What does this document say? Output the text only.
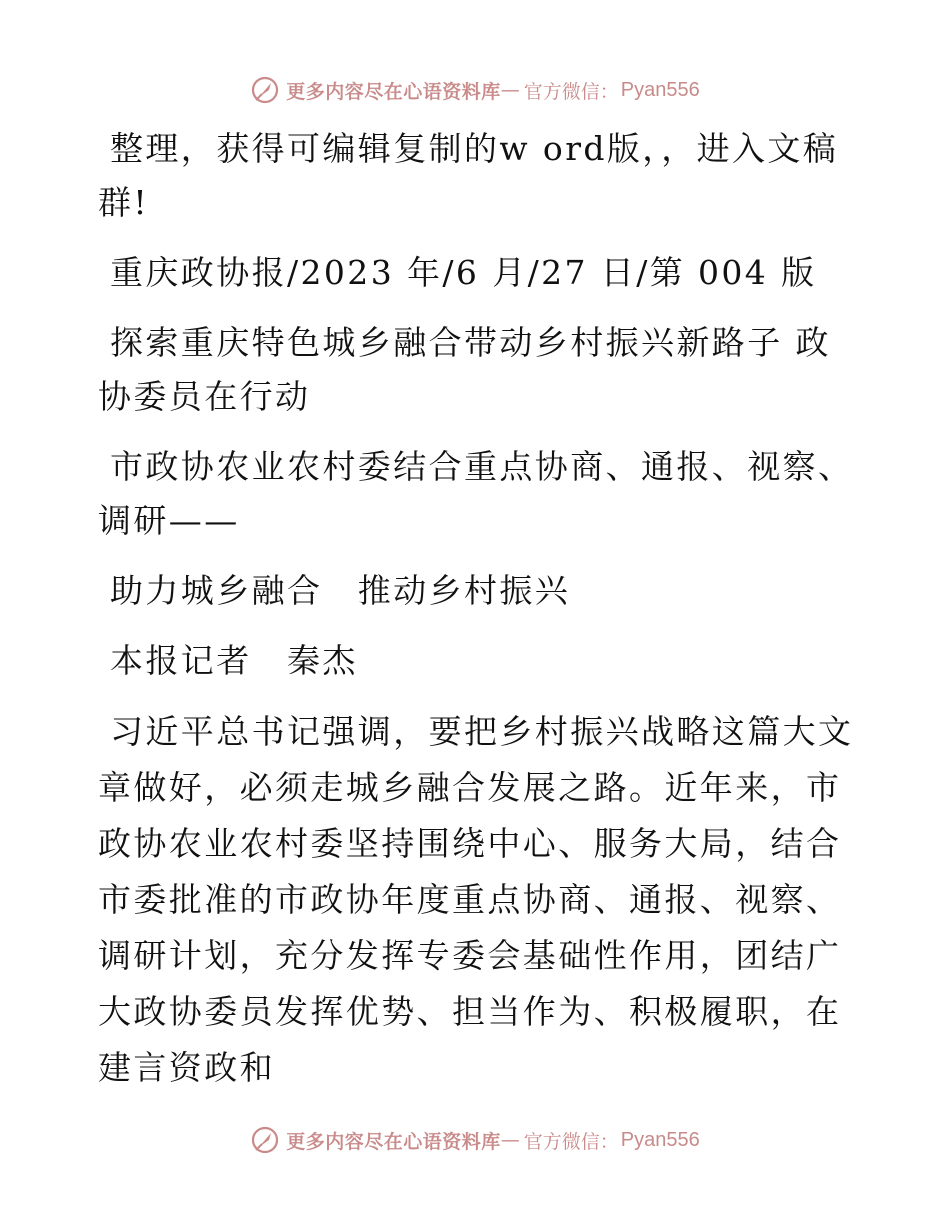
更多内容尽在心语资料库 — 官方微信： Pyan556

整理，获得可编辑复制的w ord版，，进入文稿群!

重庆政协报/2023 年/6 月/27 日/第 004 版

探索重庆特色城乡融合带动乡村振兴新路子 政协委员在行动

市政协农业农村委结合重点协商、通报、视察、调研——

助力城乡融合　推动乡村振兴

本报记者　秦杰

习近平总书记强调，要把乡村振兴战略这篇大文章做好，必须走城乡融合发展之路。近年来，市政协农业农村委坚持围绕中心、服务大局，结合市委批准的市政协年度重点协商、通报、视察、调研计划，充分发挥专委会基础性作用，团结广大政协委员发挥优势、担当作为、积极履职，在建言资政和

更多内容尽在心语资料库 — 官方微信： Pyan556
